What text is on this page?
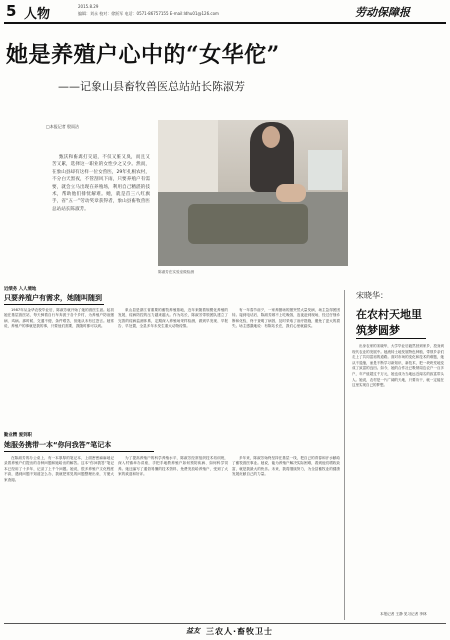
5 人物
2015.8.29
编辑：刘永 校对：徐跃军 电话：0571-86757155 E-mail:ldhu01@126.com	劳动保障报
她是养殖户心中的“女华佗”
——记象山县畜牧兽医总站站长陈淑芳
□本报记者 殷雨洁
甄沃和畜禽打交道，不仅又脏又臭，而且又苦又累，选择这一职业的女性少之又少。然而，在象山县却有这样一位女兽医，29年扎根农村，不分白天黑夜，不管刮风下雨，只要养殖户有需要，就会立马出现在养殖场，利用自己精湛的技术，帮助他们排忧解难。她，就是首三八红旗手，省“五一”劳动奖章获得者，象山县畜牧兽医总站站长陈淑芳。
陈淑芳在实验室做检测
近绩务 入人境地
只要养殖户有需求，她随叫随到
1987年从金华农校毕业后，陈淑芳就开始了她的兽医生涯。起初她在基层兽医站，每天骑着自行车奔波于各个乡村，为养殖户防治猪病、鸡病。那时候，交通不便，条件艰苦，但她从未有过怨言。她常说，养殖户的事就是我的事，只要他们需要，我随时都可以到。
象山县是浙江省重要的畜牧养殖基地，近年来随着规模化养殖的发展，疫病防控的压力越来越大。作为站长，陈淑芳带领团队建立了完善的疫病监测体系，定期深入养殖场采样检测，做到早发现、早报告、早处置，全县多年未发生重大动物疫情。
有一年春节前夕，一家养猪场的猪突然大量发病，场主急得团团转。接到电话后，陈淑芳顾不上吃晚饭，连夜赶到现场，经过仔细诊断和化验，终于查明了病因，及时采取了治疗措施，避免了更大的损失。场主感激地说：有陈站长在，我们心里就踏实。
勤业精 爱到职
她服务携带一本“你问我答”笔记本
在陈淑芳的办公桌上，有一本厚厚的笔记本，上面密密麻麻地记录着养殖户们提出的各种问题和她给出的解答。这本“你问我答”笔记本已经用了十多年，记录了上千个问题。她说，很多养殖户文化程度不高，遇到问题不知道怎么办，我就把常见的问题整理出来，方便大家查阅。
为了提高养殖户的科学养殖水平，陈淑芳经常组织技术培训班，深入村镇举办讲座，手把手地教养殖户如何预防疾病、如何科学饲养。她还编写了通俗易懂的技术资料，免费发放给养殖户，受到了大家的欢迎和好评。
多年来，陈淑芳始终坚持在基层一线，把自己的青春和汗水献给了畜牧兽医事业。她说，能为养殖户解决实际困难，看到他们增收致富，就是我最大的快乐。未来，我将继续努力，为全县畜牧业的健康发展贡献自己的力量。
宋晓华：
在农村天地里
筑梦圆梦
出身农家的宋晓华，大学毕业后毅然回到家乡，投身到现代农业的发展中。她流转土地发展特色种植，带领乡亲们走上了共同富裕的道路。面对市场的变化和技术的难题，她从不退缩，而是不断学习新知识、新技术，把一块块荒地变成了致富的良田。如今，她的合作社已吸纳周边农户一百多户，年产值超过千万元，她也成为当地远近闻名的致富带头人。她说，农村是一片广阔的天地，只要肯干，就一定能在这里实现自己的梦想。
本报记者 王静 见习记者 李林
益友 三农人·畜牧卫士
